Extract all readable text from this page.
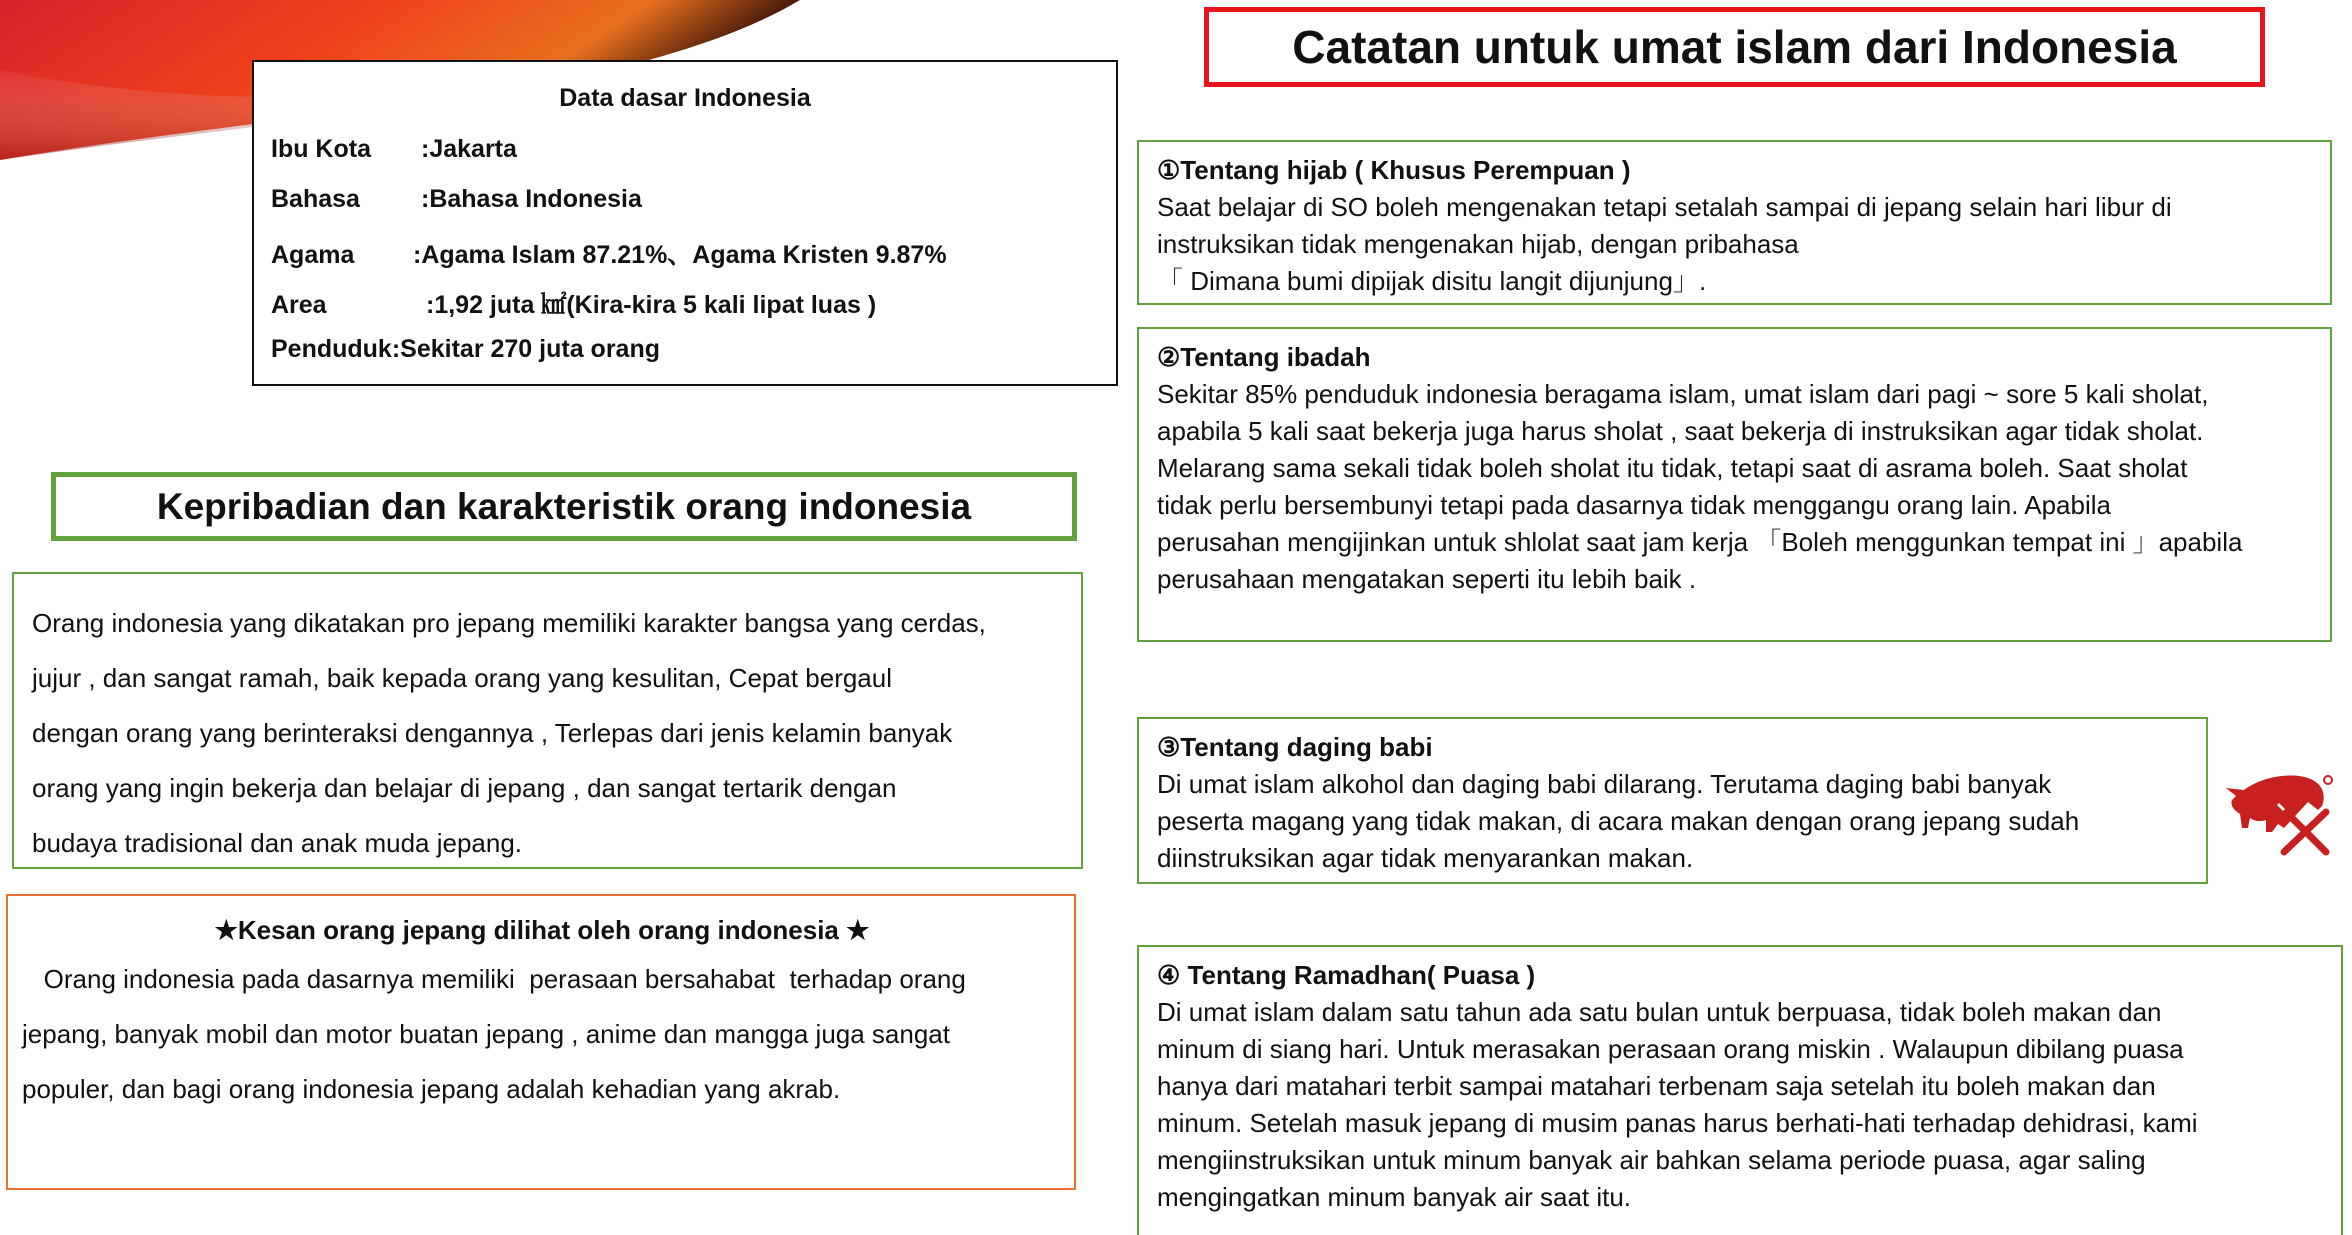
Data dasar Indonesia
Ibu Kota :Jakarta
Bahasa :Bahasa Indonesia
Agama :Agama Islam 87.21%、Agama Kristen 9.87%
Area	:1,92 juta ㎢(Kira-kira 5 kali lipat luas )
Penduduk:Sekitar 270 juta orang
Catatan untuk umat islam dari Indonesia

①Tentang hijab ( Khusus Perempuan )

Saat belajar di SO boleh mengenakan tetapi setalah sampai di jepang selain hari libur di

instruksikan tidak mengenakan hijab, dengan pribahasa

「 Dimana bumi dipijak disitu langit dijunjung」.

②Tentang ibadah

Sekitar 85% penduduk indonesia beragama islam, umat islam dari pagi ~ sore 5 kali sholat,

apabila 5 kali saat bekerja juga harus sholat , saat bekerja di instruksikan agar tidak sholat.

Melarang sama sekali tidak boleh sholat itu tidak, tetapi saat di asrama boleh. Saat sholat

tidak perlu bersembunyi tetapi pada dasarnya tidak menggangu orang lain. Apabila

perusahan mengijinkan untuk shlolat saat jam kerja 「Boleh menggunkan tempat ini 」apabila

perusahaan mengatakan seperti itu lebih baik .

③Tentang daging babi

Di umat islam alkohol dan daging babi dilarang. Terutama daging babi banyak

peserta magang yang tidak makan, di acara makan dengan orang jepang sudah

diinstruksikan agar tidak menyarankan makan.

④ Tentang Ramadhan( Puasa )

Di umat islam dalam satu tahun ada satu bulan untuk berpuasa, tidak boleh makan dan

minum di siang hari. Untuk merasakan perasaan orang miskin . Walaupun dibilang puasa

hanya dari matahari terbit sampai matahari terbenam saja setelah itu boleh makan dan

minum. Setelah masuk jepang di musim panas harus berhati-hati terhadap dehidrasi, kami

mengiinstruksikan untuk minum banyak air bahkan selama periode puasa, agar saling

mengingatkan minum banyak air saat itu.

Kepribadian dan karakteristik orang indonesia

Orang indonesia yang dikatakan pro jepang memiliki karakter bangsa yang cerdas,

jujur , dan sangat ramah, baik kepada orang yang kesulitan, Cepat bergaul

dengan orang yang berinteraksi dengannya , Terlepas dari jenis kelamin banyak

orang yang ingin bekerja dan belajar di jepang , dan sangat tertarik dengan

budaya tradisional dan anak muda jepang.

★Kesan orang jepang dilihat oleh orang indonesia ★

Orang indonesia pada dasarnya memiliki  perasaan bersahabat  terhadap orang

jepang, banyak mobil dan motor buatan jepang , anime dan mangga juga sangat

populer, dan bagi orang indonesia jepang adalah kehadian yang akrab.
